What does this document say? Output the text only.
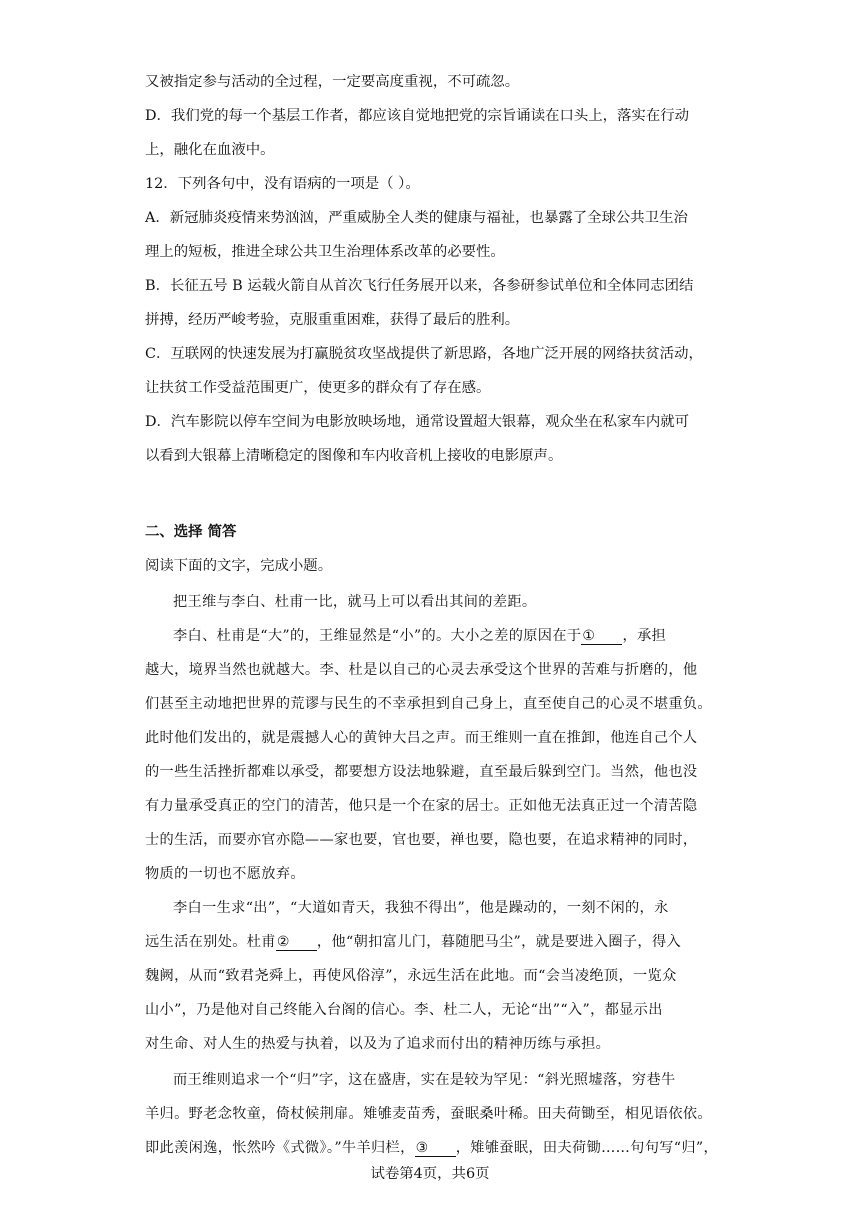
又被指定参与活动的全过程，一定要高度重视，不可疏忽。
D．我们党的每一个基层工作者，都应该自觉地把党的宗旨诵读在口头上，落实在行动
上，融化在血液中。
12．下列各句中，没有语病的一项是（ ）。
A．新冠肺炎疫情来势汹汹，严重威胁全人类的健康与福祉，也暴露了全球公共卫生治
理上的短板，推进全球公共卫生治理体系改革的必要性。
B．长征五号 B 运载火箭自从首次飞行任务展开以来，各参研参试单位和全体同志团结
拼搏，经历严峻考验，克服重重困难，获得了最后的胜利。
C．互联网的快速发展为打赢脱贫攻坚战提供了新思路，各地广泛开展的网络扶贫活动，
让扶贫工作受益范围更广，使更多的群众有了存在感。
D．汽车影院以停车空间为电影放映场地，通常设置超大银幕，观众坐在私家车内就可
以看到大银幕上清晰稳定的图像和车内收音机上接收的电影原声。
二、选择 简答
阅读下面的文字，完成小题。
把王维与李白、杜甫一比，就马上可以看出其间的差距。
李白、杜甫是“大”的，王维显然是“小”的。大小之差的原因在于① ，承担
越大，境界当然也就越大。李、杜是以自己的心灵去承受这个世界的苦难与折磨的，他
们甚至主动地把世界的荒谬与民生的不幸承担到自己身上，直至使自己的心灵不堪重负。
此时他们发出的，就是震撼人心的黄钟大吕之声。而王维则一直在推卸，他连自己个人
的一些生活挫折都难以承受，都要想方设法地躲避，直至最后躲到空门。当然，他也没
有力量承受真正的空门的清苦，他只是一个在家的居士。正如他无法真正过一个清苦隐
士的生活，而要亦官亦隐——家也要，官也要，禅也要，隐也要，在追求精神的同时，
物质的一切也不愿放弃。
李白一生求“出”，“大道如青天，我独不得出”，他是躁动的，一刻不闲的，永
远生活在别处。杜甫② ，他“朝扣富儿门，暮随肥马尘”，就是要进入圈子，得入
魏阙，从而“致君尧舜上，再使风俗淳”，永远生活在此地。而“会当凌绝顶，一览众
山小”，乃是他对自己终能入台阁的信心。李、杜二人，无论“出”“入”，都显示出
对生命、对人生的热爱与执着，以及为了追求而付出的精神历练与承担。
而王维则追求一个“归”字，这在盛唐，实在是较为罕见：“斜光照墟落，穷巷牛
羊归。野老念牧童，倚杖候荆扉。雉雊麦苗秀，蚕眠桑叶稀。田夫荷锄至，相见语依依。
即此羡闲逸，怅然吟《式微》。”牛羊归栏，③ ，雉雊蚕眠，田夫荷锄……句句写“归”，
试卷第4页，共6页
